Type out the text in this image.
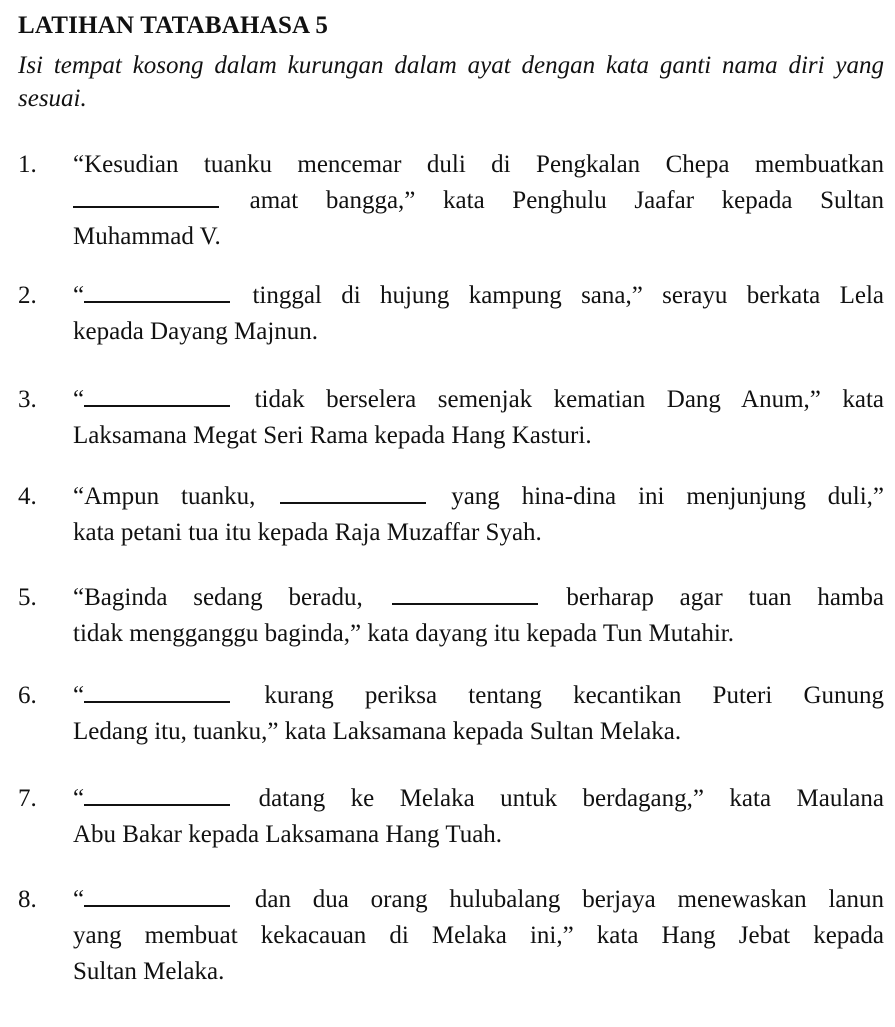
LATIHAN TATABAHASA 5
Isi tempat kosong dalam kurungan dalam ayat dengan kata ganti nama diri yang sesuai.
1.	“Kesudian tuanku mencemar duli di Pengkalan Chepa membuatkan
amat bangga,” kata Penghulu Jaafar kepada Sultan
Muhammad V.
2.	“	tinggal di hujung kampung sana,” serayu berkata Lela
kepada Dayang Majnun.
3.	“	tidak berselera semenjak kematian Dang Anum,” kata
Laksamana Megat Seri Rama kepada Hang Kasturi.
4.	“Ampun tuanku,	yang hina-dina ini menjunjung duli,”
kata petani tua itu kepada Raja Muzaffar Syah.
5.	“Baginda sedang beradu,	berharap agar tuan hamba
tidak mengganggu baginda,” kata dayang itu kepada Tun Mutahir.
6.	“	kurang periksa tentang kecantikan Puteri Gunung
Ledang itu, tuanku,” kata Laksamana kepada Sultan Melaka.
7.	“	datang ke Melaka untuk berdagang,” kata Maulana
Abu Bakar kepada Laksamana Hang Tuah.
8.	“	dan dua orang hulubalang berjaya menewaskan lanun
yang membuat kekacauan di Melaka ini,” kata Hang Jebat kepada
Sultan Melaka.
